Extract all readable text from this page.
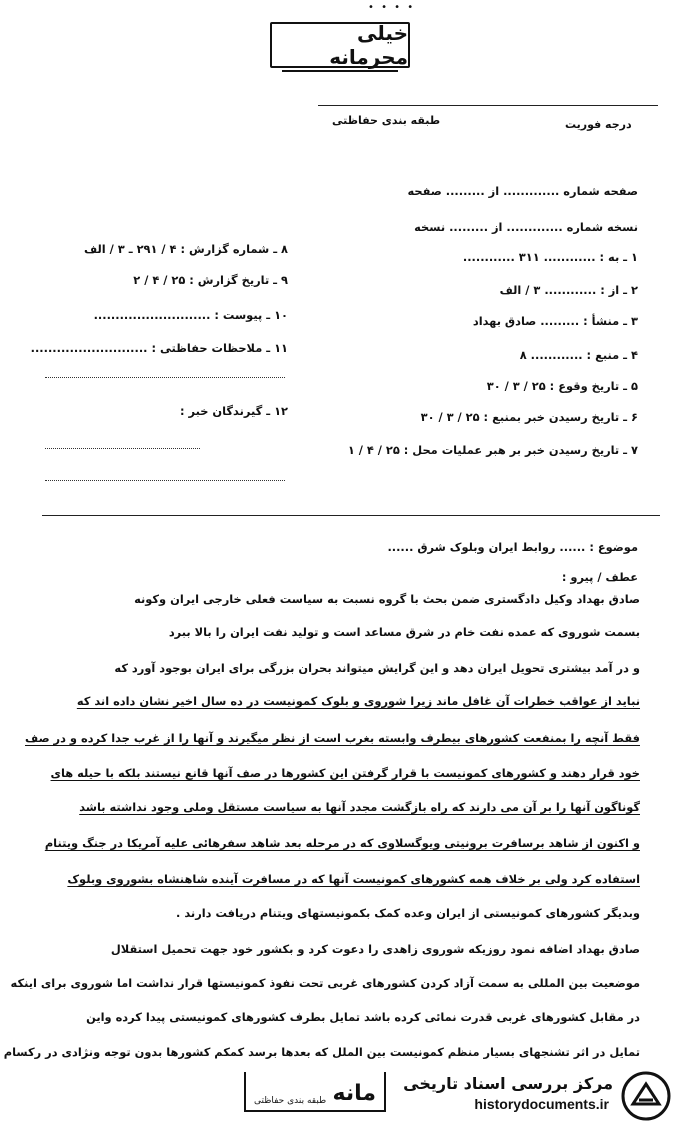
• • • •
خیلی محرمانه
درجه فوریت
طبقه بندی حفاظتی
صفحه شماره ............. از ......... صفحه
نسخه شماره ............. از ......... نسخه
۱ ـ به : ............ ۳۱۱ ............
۲ ـ از : ............ ۳ / الف
۳ ـ منشأ : ......... صادق بهداد
۴ ـ منبع : ............ ۸
۵ ـ تاریخ وقوع : ۲۵ / ۳ / ۳۰
۶ ـ تاریخ رسیدن خبر بمنبع : ۲۵ / ۳ / ۳۰
۷ ـ تاریخ رسیدن خبر بر هبر عملیات محل : ۲۵ / ۴ / ۱
۸ ـ شماره گزارش : ۴ / ۲۹۱ ـ ۳ / الف
۹ ـ تاریخ گزارش : ۲۵ / ۴ / ۲
۱۰ ـ پیوست : ...........................
۱۱ ـ ملاحظات حفاظتی : ...........................
۱۲ ـ گیرندگان خبر :
موضوع : ...... روابط ایران وبلوک شرق ......
عطف / پیرو :
صادق بهداد وکیل دادگستری ضمن بحث با گروه نسبت به سیاست فعلی خارجی ایران وکونه
بسمت شوروی که عمده نفت خام در شرق مساعد است و تولید نفت ایران را بالا ببرد
و در آمد بیشتری تحویل ایران دهد و این گرایش میتواند بحران بزرگی برای ایران بوجود آورد که
نباید از عواقب خطرات آن غافل ماند زیرا شوروی و بلوک کمونیست در ده سال اخیر نشان داده اند که
فقط آنچه را بمنفعت کشورهای بیطرف وابسته بغرب است از نظر میگیرند و آنها را از غرب جدا کرده و در صف
خود قرار دهند و کشورهای کمونیست با قرار گرفتن این کشورها در صف آنها قانع نیستند بلکه با حیله های
گوناگون آنها را بر آن می دارند که راه بازگشت مجدد آنها به سیاست مستقل وملی وجود نداشته باشد
و اکنون از شاهد برسافرت برونیتی ویوگسلاوی که در مرحله بعد شاهد سفرهائی علیه آمریکا در جنگ ویتنام
استفاده کرد ولی بر خلاف همه کشورهای کمونیست آنها که در مسافرت آینده شاهنشاه بشوروی وبلوک
وبدیگر کشورهای کمونیستی از ایران وعده کمک بکمونیستهای ویتنام دریافت دارند .
صادق بهداد اضافه نمود روزیکه شوروی زاهدی را دعوت کرد و بکشور خود جهت تحمیل استقلال
موضعیت بین المللی به سمت آزاد کردن کشورهای غربی تحت نفوذ کمونیستها قرار نداشت اما شوروی برای اینکه
در مقابل کشورهای غربی قدرت نمائی کرده باشد تمایل بطرف کشورهای کمونیستی پیدا کرده واین
تمایل در اثر تشنجهای بسیار منظم کمونیست بین الملل که بعدها برسد کمکم کشورها بدون توجه ونژادی در رکسام
مانه
طبقه بندی حفاظتی
مرکز بررسی اسناد تاریخی
historydocuments.ir
